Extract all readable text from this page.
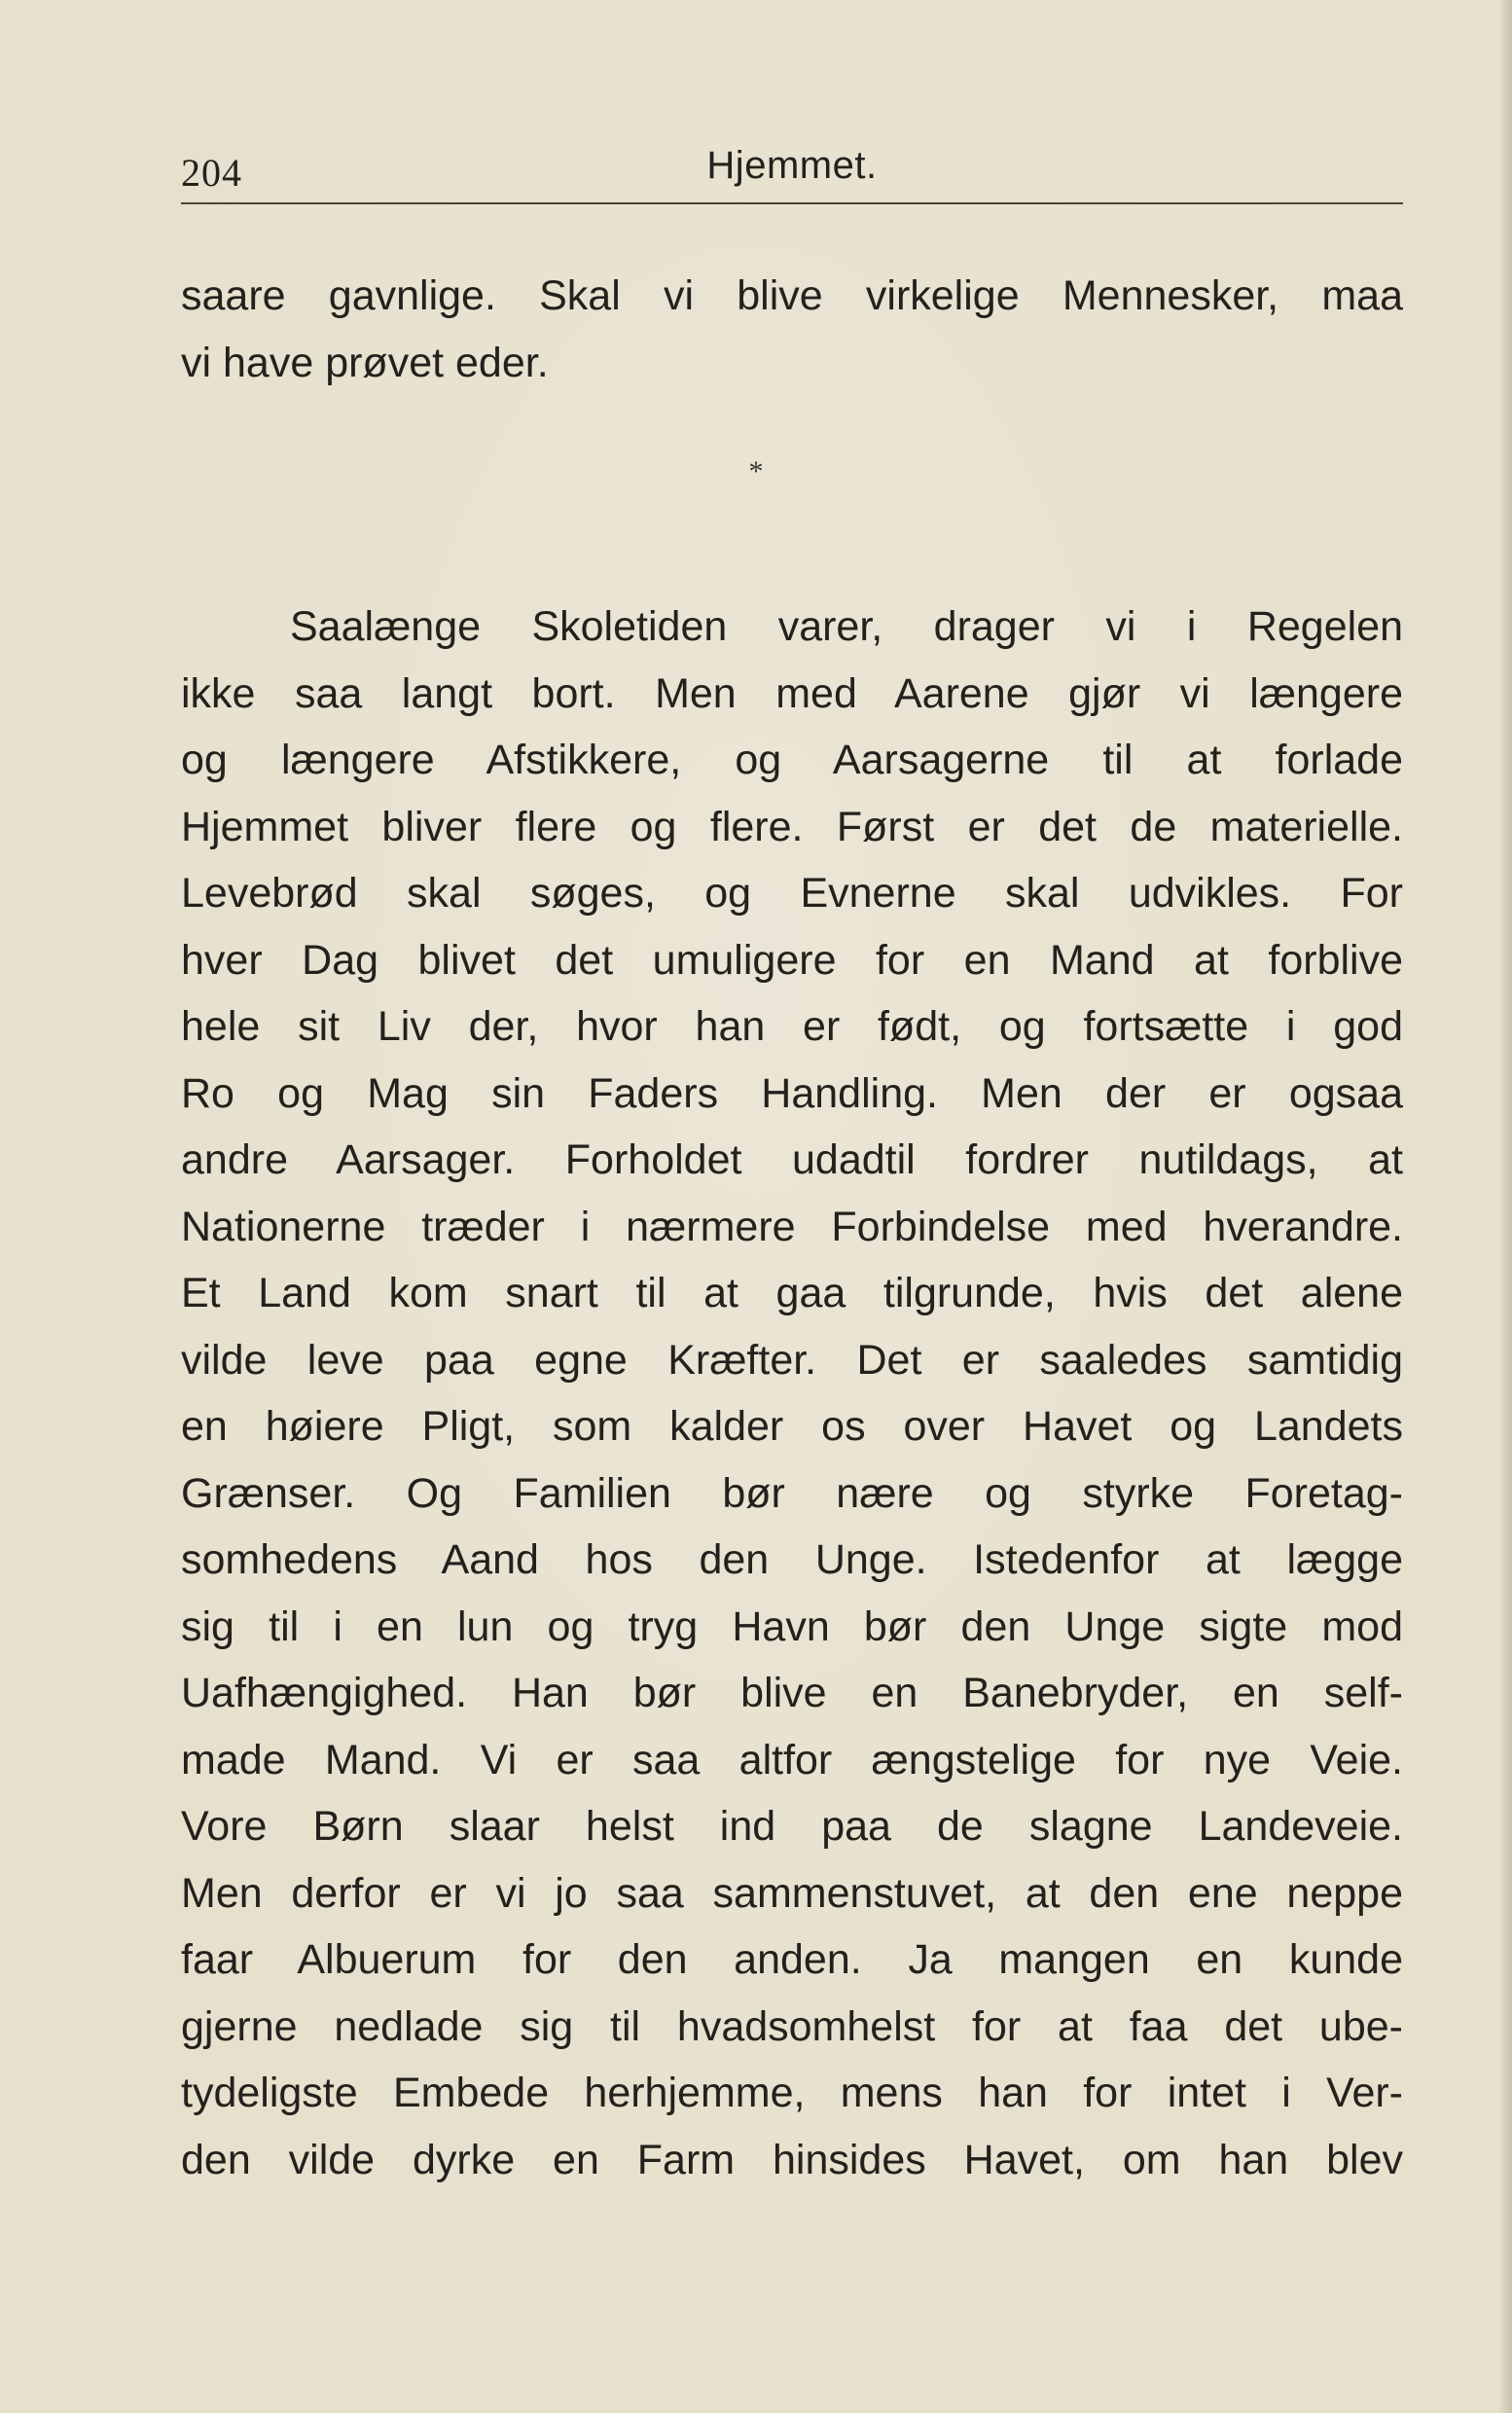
204	Hjemmet.
saare gavnlige. Skal vi blive virkelige Mennesker, maa
vi have prøvet eder.
*
Saalænge Skoletiden varer, drager vi i Regelen
ikke saa langt bort. Men med Aarene gjør vi længere
og længere Afstikkere, og Aarsagerne til at forlade
Hjemmet bliver flere og flere. Først er det de materielle.
Levebrød skal søges, og Evnerne skal udvikles. For
hver Dag blivet det umuligere for en Mand at forblive
hele sit Liv der, hvor han er født, og fortsætte i god
Ro og Mag sin Faders Handling. Men der er ogsaa
andre Aarsager. Forholdet udadtil fordrer nutildags, at
Nationerne træder i nærmere Forbindelse med hverandre.
Et Land kom snart til at gaa tilgrunde, hvis det alene
vilde leve paa egne Kræfter. Det er saaledes samtidig
en høiere Pligt, som kalder os over Havet og Landets
Grænser. Og Familien bør nære og styrke Foretag-
somhedens Aand hos den Unge. Istedenfor at lægge
sig til i en lun og tryg Havn bør den Unge sigte mod
Uafhængighed. Han bør blive en Banebryder, en self-
made Mand. Vi er saa altfor ængstelige for nye Veie.
Vore Børn slaar helst ind paa de slagne Landeveie.
Men derfor er vi jo saa sammenstuvet, at den ene neppe
faar Albuerum for den anden. Ja mangen en kunde
gjerne nedlade sig til hvadsomhelst for at faa det ube-
tydeligste Embede herhjemme, mens han for intet i Ver-
den vilde dyrke en Farm hinsides Havet, om han blev
